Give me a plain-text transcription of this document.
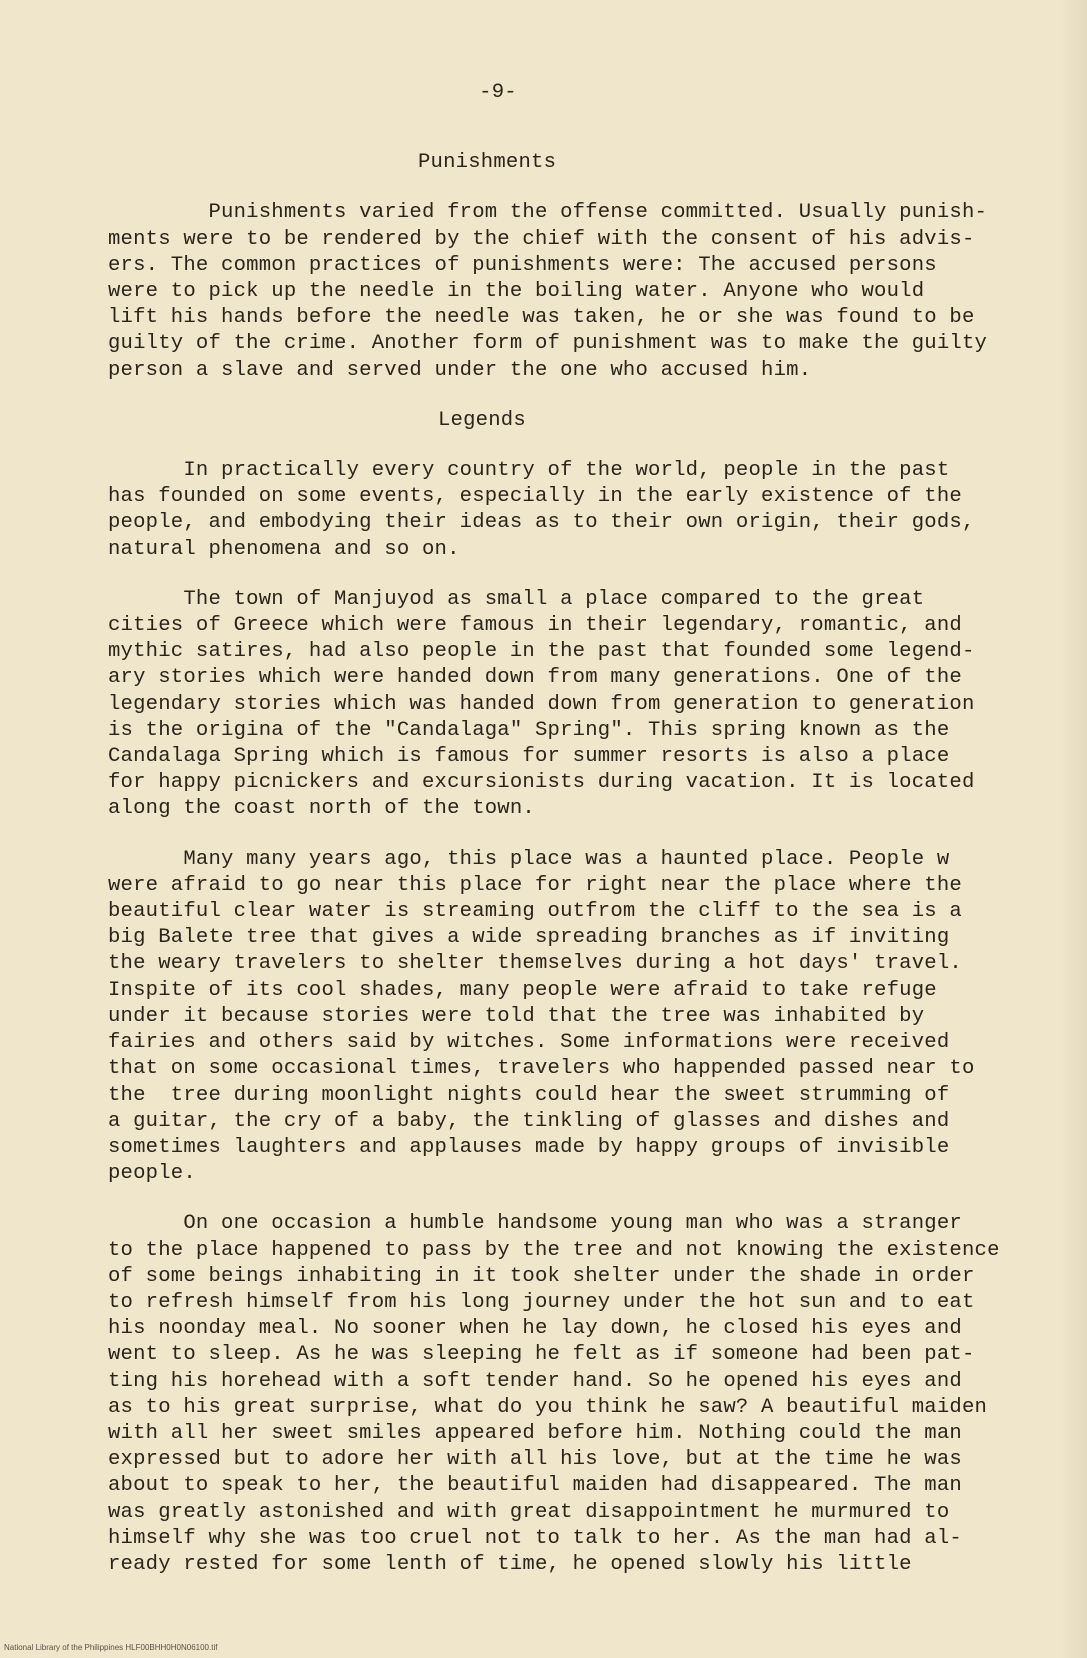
-9-
Punishments
Punishments varied from the offense committed. Usually punish-
ments were to be rendered by the chief with the consent of his advis-
ers. The common practices of punishments were: The accused persons
were to pick up the needle in the boiling water. Anyone who would
lift his hands before the needle was taken, he or she was found to be
guilty of the crime. Another form of punishment was to make the guilty
person a slave and served under the one who accused him.
Legends
In practically every country of the world, people in the past
has founded on some events, especially in the early existence of the
people, and embodying their ideas as to their own origin, their gods,
natural phenomena and so on.
The town of Manjuyod as small a place compared to the great
cities of Greece which were famous in their legendary, romantic, and
mythic satires, had also people in the past that founded some legend-
ary stories which were handed down from many generations. One of the
legendary stories which was handed down from generation to generation
is the origina of the "Candalaga" Spring". This spring known as the
Candalaga Spring which is famous for summer resorts is also a place
for happy picnickers and excursionists during vacation. It is located
along the coast north of the town.
Many many years ago, this place was a haunted place. People w
were afraid to go near this place for right near the place where the
beautiful clear water is streaming outfrom the cliff to the sea is a
big Balete tree that gives a wide spreading branches as if inviting
the weary travelers to shelter themselves during a hot days' travel.
Inspite of its cool shades, many people were afraid to take refuge
under it because stories were told that the tree was inhabited by
fairies and others said by witches. Some informations were received
that on some occasional times, travelers who happended passed near to
the  tree during moonlight nights could hear the sweet strumming of
a guitar, the cry of a baby, the tinkling of glasses and dishes and
sometimes laughters and applauses made by happy groups of invisible
people.
On one occasion a humble handsome young man who was a stranger
to the place happened to pass by the tree and not knowing the existence
of some beings inhabiting in it took shelter under the shade in order
to refresh himself from his long journey under the hot sun and to eat
his noonday meal. No sooner when he lay down, he closed his eyes and
went to sleep. As he was sleeping he felt as if someone had been pat-
ting his horehead with a soft tender hand. So he opened his eyes and
as to his great surprise, what do you think he saw? A beautiful maiden
with all her sweet smiles appeared before him. Nothing could the man
expressed but to adore her with all his love, but at the time he was
about to speak to her, the beautiful maiden had disappeared. The man
was greatly astonished and with great disappointment he murmured to
himself why she was too cruel not to talk to her. As the man had al-
ready rested for some lenth of time, he opened slowly his little
National Library of the Philippines HLF00BHH0H0N06100.tif
